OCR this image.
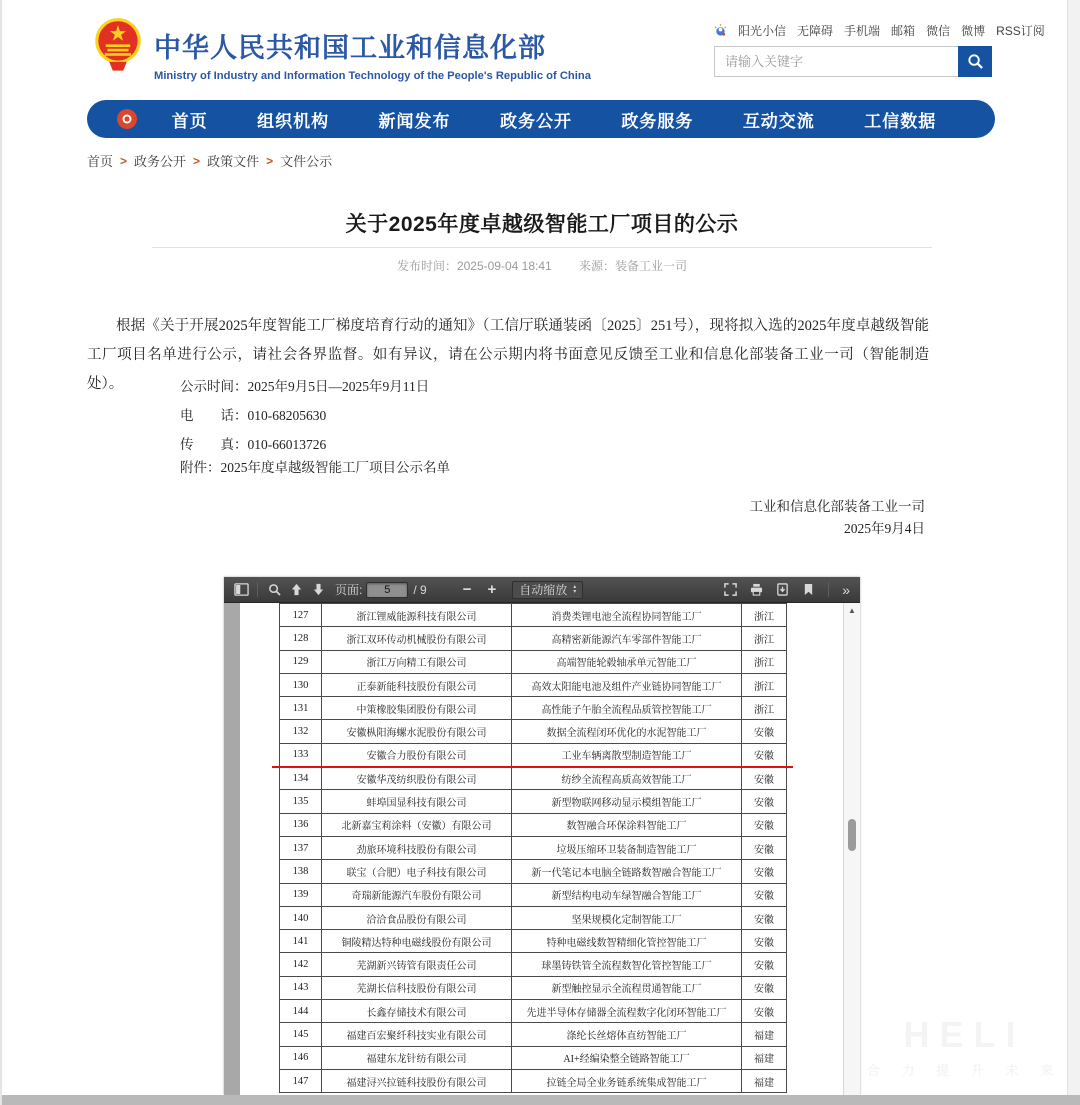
中华人民共和国工业和信息化部
Ministry of Industry and Information Technology of the People's Republic of China
阳光小信 无障碍 手机端 邮箱 微信 微博 RSS订阅
请输入关键字
首页	组织机构	新闻发布	政务公开	政务服务	互动交流	工信数据
首页 > 政务公开 > 政策文件 > 文件公示
关于2025年度卓越级智能工厂项目的公示
发布时间：2025-09-04 18:41 来源：装备工业一司
根据《关于开展2025年度智能工厂梯度培育行动的通知》（工信厅联通装函〔2025〕251号），现将拟入选的2025年度卓越级智能工厂项目名单进行公示，请社会各界监督。如有异议，请在公示期内将书面意见反馈至工业和信息化部装备工业一司（智能制造处）。	公示时间：2025年9月5日—2025年9月11日
电　　话：010-68205630
传　　真：010-66013726
附件：2025年度卓越级智能工厂项目公示名单
工业和信息化部装备工业一司
2025年9月4日
页面:
5	/ 9	−	+	自动缩放 ▴
▾	»
127	浙江锂威能源科技有限公司	消费类锂电池全流程协同智能工厂	浙江
128	浙江双环传动机械股份有限公司	高精密新能源汽车零部件智能工厂	浙江
129	浙江万向精工有限公司	高端智能轮毂轴承单元智能工厂	浙江
130	正泰新能科技股份有限公司	高效太阳能电池及组件产业链协同智能工厂	浙江
131	中策橡胶集团股份有限公司	高性能子午胎全流程品质管控智能工厂	浙江
132	安徽枞阳海螺水泥股份有限公司	数据全流程闭环优化的水泥智能工厂	安徽
133	安徽合力股份有限公司	工业车辆离散型制造智能工厂	安徽
134	安徽华茂纺织股份有限公司	纺纱全流程高质高效智能工厂	安徽
135	蚌埠国显科技有限公司	新型物联网移动显示模组智能工厂	安徽
136	北新嘉宝莉涂料（安徽）有限公司	数智融合环保涂料智能工厂	安徽
137	劲旅环境科技股份有限公司	垃圾压缩环卫装备制造智能工厂	安徽
138	联宝（合肥）电子科技有限公司	新一代笔记本电脑全链路数智融合智能工厂	安徽
139	奇瑞新能源汽车股份有限公司	新型结构电动车绿智融合智能工厂	安徽
140	洽洽食品股份有限公司	坚果规模化定制智能工厂	安徽
141	铜陵精达特种电磁线股份有限公司	特种电磁线数智精细化管控智能工厂	安徽
142	芜湖新兴铸管有限责任公司	球墨铸铁管全流程数智化管控智能工厂	安徽
143	芜湖长信科技股份有限公司	新型触控显示全流程贯通智能工厂	安徽
144	长鑫存储技术有限公司	先进半导体存储器全流程数字化闭环智能工厂	安徽
145	福建百宏聚纤科技实业有限公司	涤纶长丝熔体直纺智能工厂	福建
146	福建东龙针纺有限公司	AI+经编染整全链路智能工厂	福建
147	福建浔兴拉链科技股份有限公司	拉链全局全业务链系统集成智能工厂	福建
▲
HELI
合 力 提 升 未 来
